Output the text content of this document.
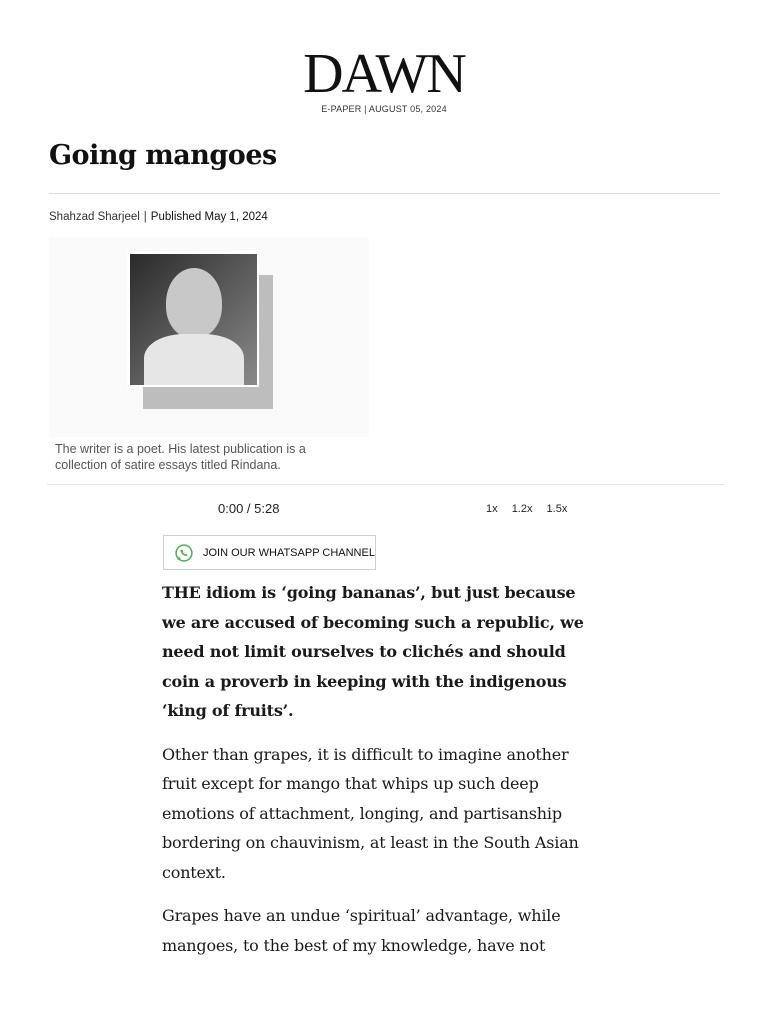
DAWN
E-PAPER | AUGUST 05, 2024
Going mangoes
Shahzad Sharjeel | Published May 1, 2024
The writer is a poet. His latest publication is a collection of satire essays titled Rindana.
0:00 / 5:28	1x 1.2x 1.5x
JOIN OUR WHATSAPP CHANNEL

THE idiom is ‘going bananas’, but just because we are accused of becoming such a republic, we need not limit ourselves to clichés and should coin a proverb in keeping with the indigenous ‘king of fruits’.

Other than grapes, it is difficult to imagine another fruit except for mango that whips up such deep emotions of attachment, longing, and partisanship bordering on chauvinism, at least in the South Asian context.

Grapes have an undue ‘spiritual’ advantage, while mangoes, to the best of my knowledge, have not
